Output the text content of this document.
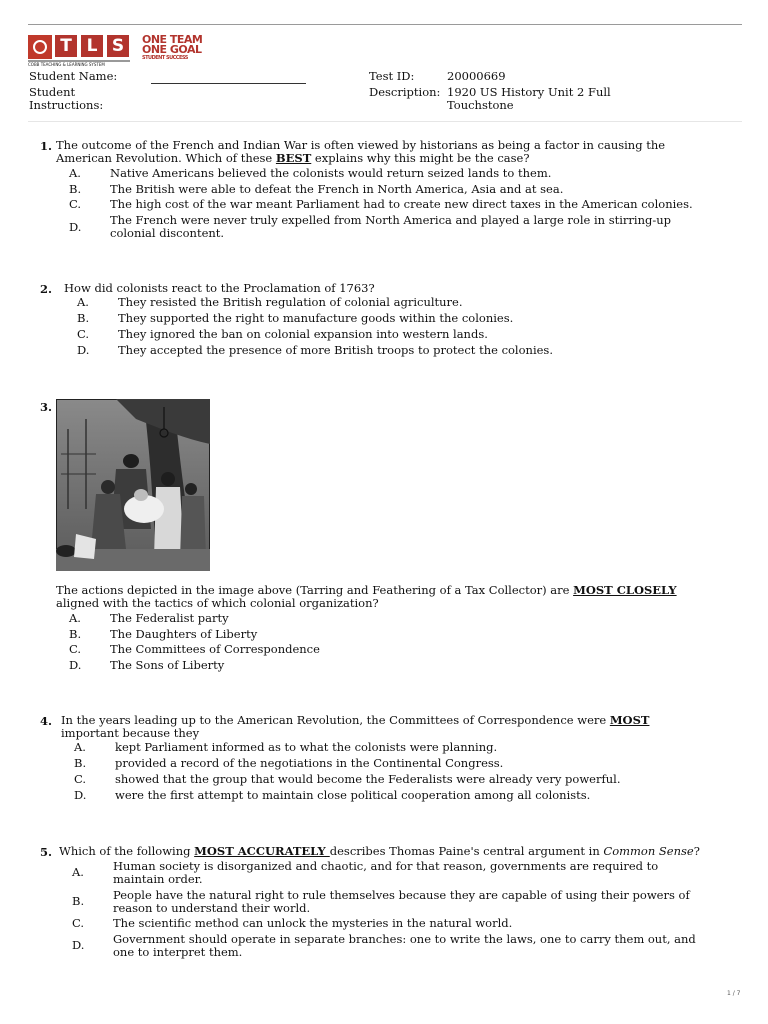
T L S
COBB TEACHING & LEARNING SYSTEM
ONE TEAM
ONE GOAL
STUDENT SUCCESS
Student Name:
Student
Instructions:
Test ID:	20000669
Description: 1920 US History Unit 2 Full
Touchstone
1. The outcome of the French and Indian War is often viewed by historians as being a factor in causing the
American Revolution. Which of these BEST explains why this might be the case?
A.	Native Americans believed the colonists would return seized lands to them.
B.	The British were able to defeat the French in North America, Asia and at sea.
C.	The high cost of the war meant Parliament had to create new direct taxes in the American colonies.
D. The French were never truly expelled from North America and played a large role in stirring-up
colonial discontent.
2. How did colonists react to the Proclamation of 1763?
A.	They resisted the British regulation of colonial agriculture.
B.	They supported the right to manufacture goods within the colonies.
C.	They ignored the ban on colonial expansion into western lands.
D. They accepted the presence of more British troops to protect the colonies.
3.
The actions depicted in the image above (Tarring and Feathering of a Tax Collector) are MOST CLOSELY
aligned with the tactics of which colonial organization?
A.	The Federalist party
B.	The Daughters of Liberty
C.	The Committees of Correspondence
D. The Sons of Liberty
4. In the years leading up to the American Revolution, the Committees of Correspondence were MOST
important because they
A.	kept Parliament informed as to what the colonists were planning.
B.	provided a record of the negotiations in the Continental Congress.
C.	showed that the group that would become the Federalists were already very powerful.
D. were the first attempt to maintain close political cooperation among all colonists.
5. Which of the following MOST ACCURATELY describes Thomas Paine's central argument in Common Sense?
A.	Human society is disorganized and chaotic, and for that reason, governments are required to
maintain order.
B.	People have the natural right to rule themselves because they are capable of using their powers of
reason to understand their world.
C.	The scientific method can unlock the mysteries in the natural world.
D. Government should operate in separate branches: one to write the laws, one to carry them out, and
one to interpret them.
1 / 7
